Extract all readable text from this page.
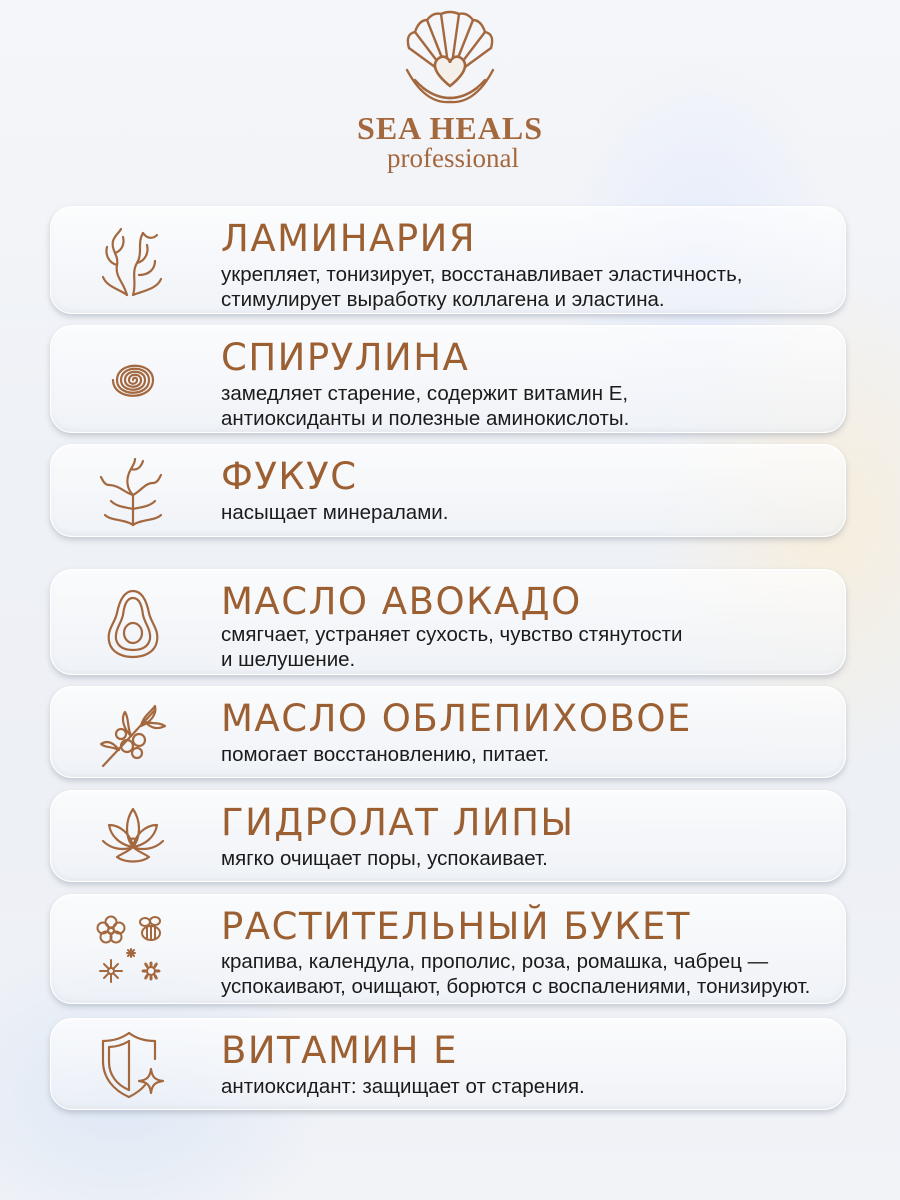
SEA HEALS
professional
ЛАМИНАРИЯ
укрепляет, тонизирует, восстанавливает эластичность,
стимулирует выработку коллагена и эластина.
СПИРУЛИНА
замедляет старение, содержит витамин Е,
антиоксиданты и полезные аминокислоты.
ФУКУС
насыщает минералами.
МАСЛО АВОКАДО
смягчает, устраняет сухость, чувство стянутости
и шелушение.
МАСЛО ОБЛЕПИХОВОЕ
помогает восстановлению, питает.
ГИДРОЛАТ ЛИПЫ
мягко очищает поры, успокаивает.
РАСТИТЕЛЬНЫЙ БУКЕТ
крапива, календула, прополис, роза, ромашка, чабрец —
успокаивают, очищают, борются с воспалениями, тонизируют.
ВИТАМИН Е
антиоксидант: защищает от старения.
